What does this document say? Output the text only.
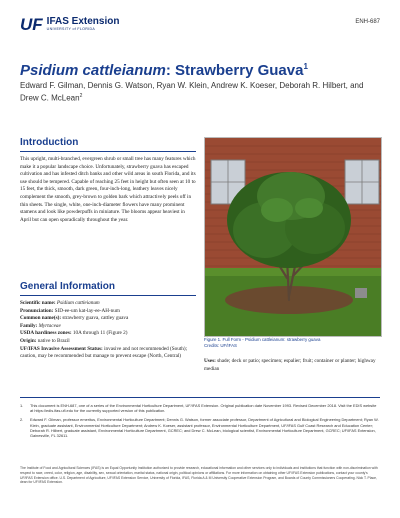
UF IFAS Extension
UNIVERSITY of FLORIDA
ENH-687
Psidium cattleianum: Strawberry Guava$^1$

Edward F. Gilman, Dennis G. Watson, Ryan W. Klein, Andrew K. Koeser, Deborah R. Hilbert, and Drew C. McLean$^2$

Introduction

This upright, multi-branched, evergreen shrub or small tree has many features which make it a popular landscape choice. Unfortunately, strawberry guava has escaped cultivation and has infested ditch banks and other wild areas in south Florida, and its use should be tempered. Capable of reaching 25 feet in height but often seen at 10 to 15 feet, the thick, smooth, dark green, four-inch-long, leathery leaves nicely complement the smooth, grey-brown to golden bark which attractively peels off in thin sheets. The single, white, one-inch-diameter flowers have many prominent stamens and look like powderpuffs in miniature. The blooms appear heaviest in April but can open sporadically throughout the year.

General Information

Scientific name: Psidium cattleianum

Pronunciation: SID-ee-um kat-lay-ee-AH-num

Common name(s): strawberry guava, cattley guava

Family: Myrtaceae

USDA hardiness zones: 10A through 11 (Figure 2)

Origin: native to Brazil

UF/IFAS Invasive Assessment Status: invasive and not recommended (South); caution, may be recommended but manage to prevent escape (North, Central)

Figure 1. Full Form - Psidium cattleianum: strawberry guava
Credits: UF/IFAS

Uses: shade; deck or patio; specimen; espalier; fruit; container or planter; highway median

1.	This document is ENH-687, one of a series of the Environmental Horticulture Department, UF/IFAS Extension. Original publication date November 1993. Revised December 2018. Visit the EDIS website at https://edis.ifas.ufl.edu for the currently supported version of this publication.
2.	Edward F. Gilman, professor emeritus, Environmental Horticulture Department; Dennis G. Watson, former associate professor, Department of Agricultural and Biological Engineering Department; Ryan W. Klein, graduate assistant, Environmental Horticulture Department; Andrew K. Koeser, assistant professor, Environmental Horticulture Department, UF/IFAS Gulf Coast Research and Education Center; Deborah R. Hilbert, graduate assistant, Environmental Horticulture Department, GCREC; and Drew C. McLean, biological scientist, Environmental Horticulture Department, GCREC; UF/IFAS Extension, Gainesville, FL 32611.

The Institute of Food and Agricultural Sciences (IFAS) is an Equal Opportunity Institution authorized to provide research, educational information and other services only to individuals and institutions that function with non-discrimination with respect to race, creed, color, religion, age, disability, sex, sexual orientation, marital status, national origin, political opinions or affiliations. For more information on obtaining other UF/IFAS Extension publications, contact your county's UF/IFAS Extension office. U.S. Department of Agriculture, UF/IFAS Extension Service, University of Florida, IFAS, Florida A & M University Cooperative Extension Program, and Boards of County Commissioners Cooperating. Nick T. Place, dean for UF/IFAS Extension.
